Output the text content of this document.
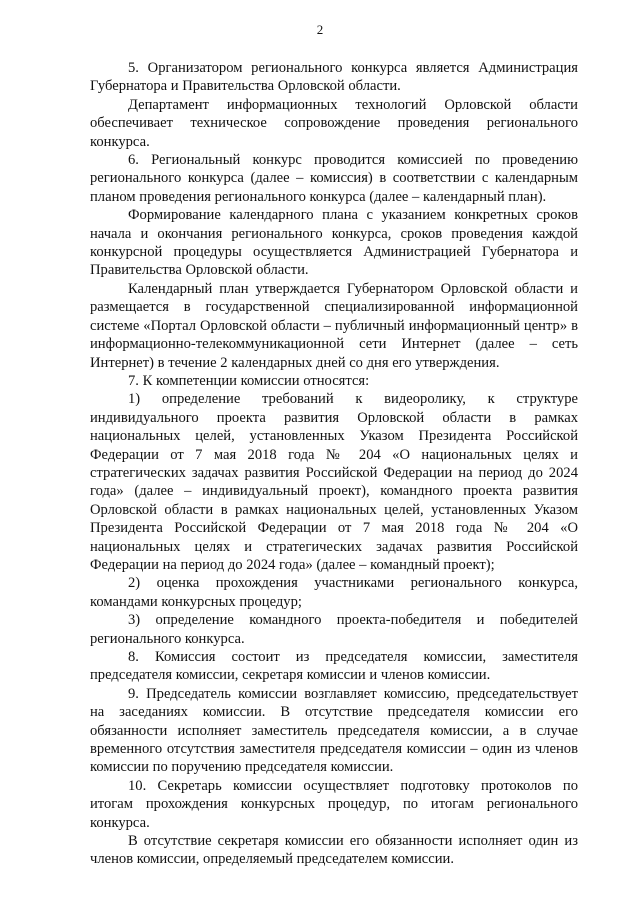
2

5. Организатором регионального конкурса является Администрация Губернатора и Правительства Орловской области.

Департамент информационных технологий Орловской области обеспечивает техническое сопровождение проведения регионального конкурса.

6. Региональный конкурс проводится комиссией по проведению регионального конкурса (далее – комиссия) в соответствии с календарным планом проведения регионального конкурса (далее – календарный план).

Формирование календарного плана с указанием конкретных сроков начала и окончания регионального конкурса, сроков проведения каждой конкурсной процедуры осуществляется Администрацией Губернатора и Правительства Орловской области.

Календарный план утверждается Губернатором Орловской области и размещается в государственной специализированной информационной системе «Портал Орловской области – публичный информационный центр» в информационно-телекоммуникационной сети Интернет (далее – сеть Интернет) в течение 2 календарных дней со дня его утверждения.

7. К компетенции комиссии относятся:

1) определение требований к видеоролику, к структуре индивидуального проекта развития Орловской области в рамках национальных целей, установленных Указом Президента Российской Федерации от 7 мая 2018 года № 204 «О национальных целях и стратегических задачах развития Российской Федерации на период до 2024 года» (далее – индивидуальный проект), командного проекта развития Орловской области в рамках национальных целей, установленных Указом Президента Российской Федерации от 7 мая 2018 года № 204 «О национальных целях и стратегических задачах развития Российской Федерации на период до 2024 года» (далее – командный проект);

2) оценка прохождения участниками регионального конкурса, командами конкурсных процедур;

3) определение командного проекта-победителя и победителей регионального конкурса.

8. Комиссия состоит из председателя комиссии, заместителя председателя комиссии, секретаря комиссии и членов комиссии.

9. Председатель комиссии возглавляет комиссию, председательствует на заседаниях комиссии. В отсутствие председателя комиссии его обязанности исполняет заместитель председателя комиссии, а в случае временного отсутствия заместителя председателя комиссии – один из членов комиссии по поручению председателя комиссии.

10. Секретарь комиссии осуществляет подготовку протоколов по итогам прохождения конкурсных процедур, по итогам регионального конкурса.

В отсутствие секретаря комиссии его обязанности исполняет один из членов комиссии, определяемый председателем комиссии.
